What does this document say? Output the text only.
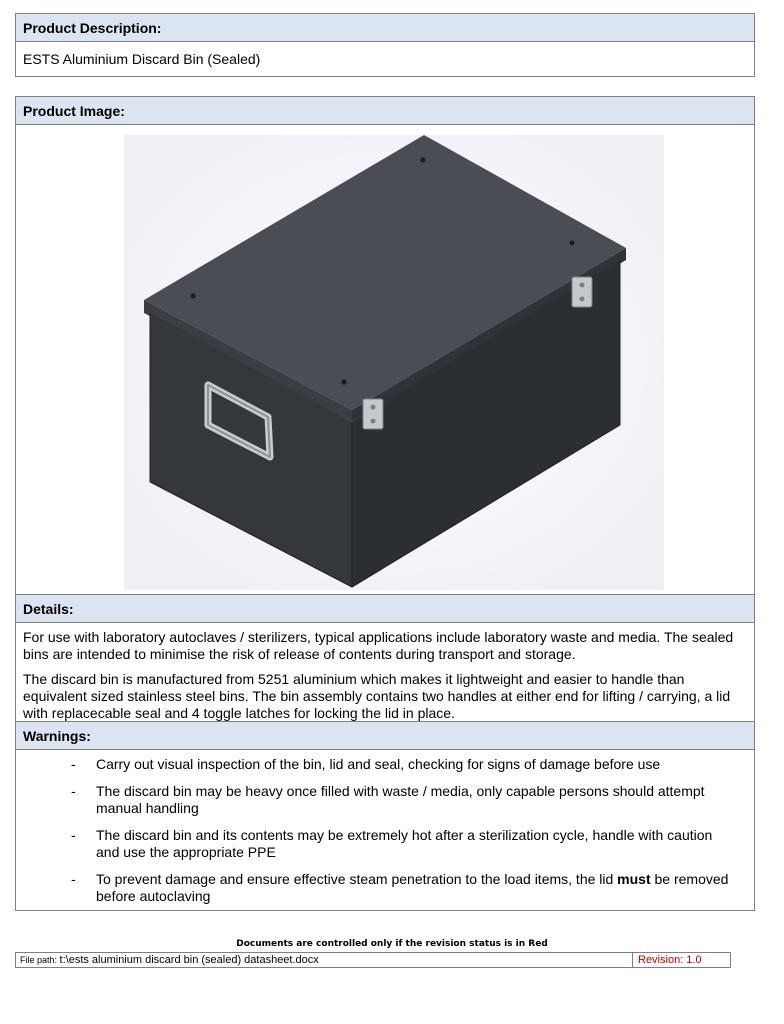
Product Description:
ESTS Aluminium Discard Bin (Sealed)
Product Image:
Details:

For use with laboratory autoclaves / sterilizers, typical applications include laboratory waste and media. The sealed bins are intended to minimise the risk of release of contents during transport and storage.

The discard bin is manufactured from 5251 aluminium which makes it lightweight and easier to handle than equivalent sized stainless steel bins. The bin assembly contains two handles at either end for lifting / carrying, a lid with replacecable seal and 4 toggle latches for locking the lid in place.

Warnings:
- Carry out visual inspection of the bin, lid and seal, checking for signs of damage before use
- The discard bin may be heavy once filled with waste / media, only capable persons should attempt manual handling
- The discard bin and its contents may be extremely hot after a sterilization cycle, handle with caution and use the appropriate PPE
- To prevent damage and ensure effective steam penetration to the load items, the lid must be removed before autoclaving
Documents are controlled only if the revision status is in Red
File path: t:\ests aluminium discard bin (sealed) datasheet.docx	Revision: 1.0
